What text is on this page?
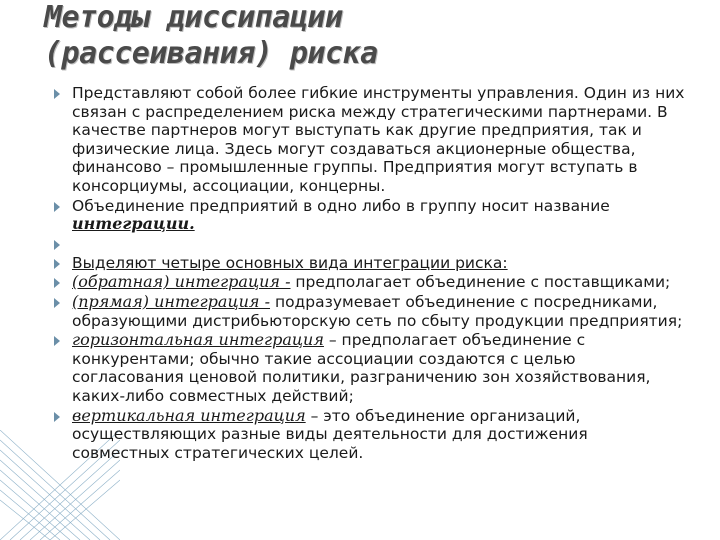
Методы диссипации
(рассеивания) риска
Представляют собой более гибкие инструменты управления. Один из них связан с распределением риска между стратегическими партнерами. В качестве партнеров могут выступать как другие предприятия, так и физические лица. Здесь могут создаваться акционерные общества, финансово – промышленные группы. Предприятия могут вступать в консорциумы, ассоциации, концерны.
Объединение предприятий в одно либо в группу носит название интеграции.
Выделяют четыре основных вида интеграции риска:
(обратная) интеграция - предполагает объединение с поставщиками;
(прямая) интеграция - подразумевает объединение с посредниками, образующими дистрибьюторскую сеть по сбыту продукции предприятия;
горизонтальная интеграция – предполагает объединение с конкурентами; обычно такие ассоциации создаются с целью согласования ценовой политики, разграничению зон хозяйствования, каких-либо совместных действий;
вертикальная интеграция – это объединение организаций, осуществляющих разные виды деятельности для достижения совместных стратегических целей.
